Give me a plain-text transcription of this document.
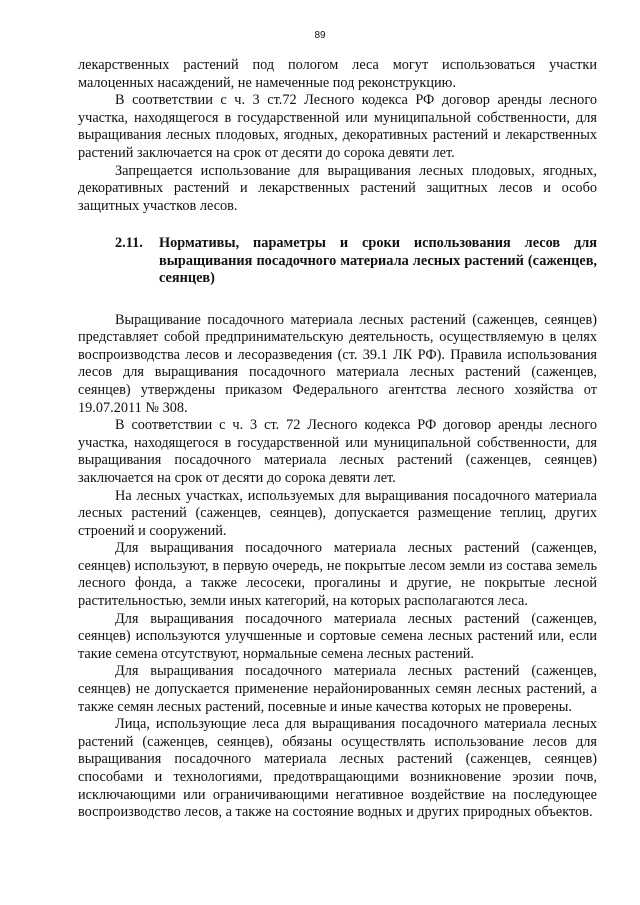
89

лекарственных растений под пологом леса могут использоваться участки малоценных насаждений, не намеченные под реконструкцию.

В соответствии с ч. 3 ст.72 Лесного кодекса РФ договор аренды лесного участка, находящегося в государственной или муниципальной собственности, для выращивания лесных плодовых, ягодных, декоративных растений и лекарственных растений заключается на срок от десяти до сорока девяти лет.

Запрещается использование для выращивания лесных плодовых, ягодных, декоративных растений и лекарственных растений защитных лесов и особо защитных участков лесов.

2.11.	Нормативы, параметры и сроки использования лесов для выращивания посадочного материала лесных растений (саженцев, сеянцев)

Выращивание посадочного материала лесных растений (саженцев, сеянцев) представляет собой предпринимательскую деятельность, осуществляемую в целях воспроизводства лесов и лесоразведения (ст. 39.1 ЛК РФ). Правила использования лесов для выращивания посадочного материала лесных растений (саженцев, сеянцев) утверждены приказом Федерального агентства лесного хозяйства от 19.07.2011 № 308.

В соответствии с ч. 3 ст. 72 Лесного кодекса РФ договор аренды лесного участка, находящегося в государственной или муниципальной собственности, для выращивания посадочного материала лесных растений (саженцев, сеянцев) заключается на срок от десяти до сорока девяти лет.

На лесных участках, используемых для выращивания посадочного материала лесных растений (саженцев, сеянцев), допускается размещение теплиц, других строений и сооружений.

Для выращивания посадочного материала лесных растений (саженцев, сеянцев) используют, в первую очередь, не покрытые лесом земли из состава земель лесного фонда, а также лесосеки, прогалины и другие, не покрытые лесной растительностью, земли иных категорий, на которых располагаются леса.

Для выращивания посадочного материала лесных растений (саженцев, сеянцев) используются улучшенные и сортовые семена лесных растений или, если такие семена отсутствуют, нормальные семена лесных растений.

Для выращивания посадочного материала лесных растений (саженцев, сеянцев) не допускается применение нерайонированных семян лесных растений, а также семян лесных растений, посевные и иные качества которых не проверены.

Лица, использующие леса для выращивания посадочного материала лесных растений (саженцев, сеянцев), обязаны осуществлять использование лесов для выращивания посадочного материала лесных растений (саженцев, сеянцев) способами и технологиями, предотвращающими возникновение эрозии почв, исключающими или ограничивающими негативное воздействие на последующее воспроизводство лесов, а также на состояние водных и других природных объектов.
